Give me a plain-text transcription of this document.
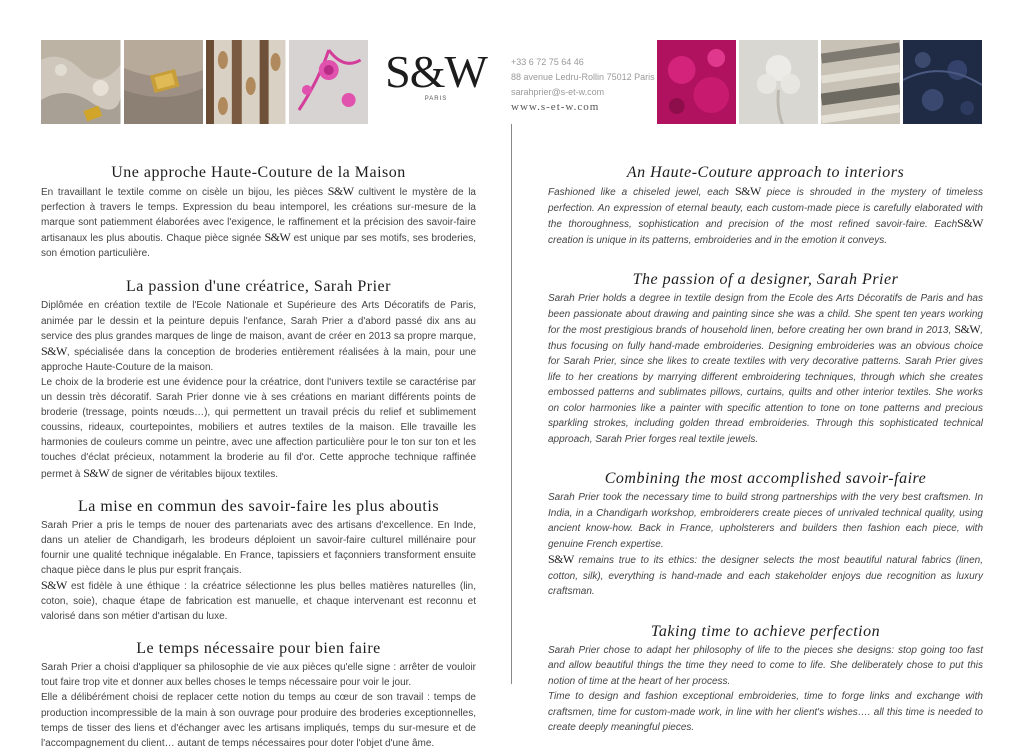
S&W
PARIS
+33 6 72 75 64 46
88 avenue Ledru-Rollin 75012 Paris
sarahprier@s-et-w.com
www.s-et-w.com
Une approche Haute-Couture de la Maison

En travaillant le textile comme on cisèle un bijou, les pièces S&W cultivent le mystère de la perfection à travers le temps. Expression du beau intemporel, les créations sur-mesure de la marque sont patiemment élaborées avec l'exigence, le raffinement et la précision des savoir-faire artisanaux les plus aboutis. Chaque pièce signée S&W est unique par ses motifs, ses broderies, son émotion particulière.

La passion d'une créatrice, Sarah Prier

Diplômée en création textile de l'Ecole Nationale et Supérieure des Arts Décoratifs de Paris, animée par le dessin et la peinture depuis l'enfance, Sarah Prier a d'abord passé dix ans au service des plus grandes marques de linge de maison, avant de créer en 2013 sa propre marque, S&W, spécialisée dans la conception de broderies entièrement réalisées à la main, pour une approche Haute-Couture de la maison.

Le choix de la broderie est une évidence pour la créatrice, dont l'univers textile se caractérise par un dessin très décoratif. Sarah Prier donne vie à ses créations en mariant différents points de broderie (tressage, points nœuds…), qui permettent un travail précis du relief et sublimement coussins, rideaux, courtepointes, mobiliers et autres textiles de la maison. Elle travaille les harmonies de couleurs comme un peintre, avec une affection particulière pour le ton sur ton et les touches d'éclat précieux, notamment la broderie au fil d'or. Cette approche technique raffinée permet à S&W de signer de véritables bijoux textiles.

La mise en commun des savoir-faire les plus aboutis

Sarah Prier a pris le temps de nouer des partenariats avec des artisans d'excellence. En Inde, dans un atelier de Chandigarh, les brodeurs déploient un savoir-faire culturel millénaire pour fournir une qualité technique inégalable. En France, tapissiers et façonniers transforment ensuite chaque pièce dans le plus pur esprit français.

S&W est fidèle à une éthique : la créatrice sélectionne les plus belles matières naturelles (lin, coton, soie), chaque étape de fabrication est manuelle, et chaque intervenant est reconnu et valorisé dans son métier d'artisan du luxe.

Le temps nécessaire pour bien faire

Sarah Prier a choisi d'appliquer sa philosophie de vie aux pièces qu'elle signe : arrêter de vouloir tout faire trop vite et donner aux belles choses le temps nécessaire pour voir le jour.

Elle a délibérément choisi de replacer cette notion du temps au cœur de son travail : temps de production incompressible de la main à son ouvrage pour produire des broderies exceptionnelles, temps de tisser des liens et d'échanger avec les artisans impliqués, temps du sur-mesure et de l'accompagnement du client… autant de temps nécessaires pour doter l'objet d'une âme.

An Haute-Couture approach to interiors

Fashioned like a chiseled jewel, each S&W piece is shrouded in the mystery of timeless perfection. An expression of eternal beauty, each custom-made piece is carefully elaborated with the thoroughness, sophistication and precision of the most refined savoir-faire. EachS&W creation is unique in its patterns, embroideries and in the emotion it conveys.

The passion of a designer, Sarah Prier

Sarah Prier holds a degree in textile design from the Ecole des Arts Décoratifs de Paris and has been passionate about drawing and painting since she was a child. She spent ten years working for the most prestigious brands of household linen, before creating her own brand in 2013, S&W, thus focusing on fully hand-made embroideries. Designing embroideries was an obvious choice for Sarah Prier, since she likes to create textiles with very decorative patterns. Sarah Prier gives life to her creations by marrying different embroidering techniques, through which she creates embossed patterns and sublimates pillows, curtains, quilts and other interior textiles. She works on color harmonies like a painter with specific attention to tone on tone patterns and precious sparkling strokes, including golden thread embroideries. Through this sophisticated technical approach, Sarah Prier forges real textile jewels.

Combining the most accomplished savoir-faire

Sarah Prier took the necessary time to build strong partnerships with the very best craftsmen. In India, in a Chandigarh workshop, embroiderers create pieces of unrivaled technical quality, using ancient know-how. Back in France, upholsterers and builders then fashion each piece, with genuine French expertise.

S&W remains true to its ethics: the designer selects the most beautiful natural fabrics (linen, cotton, silk), everything is hand-made and each stakeholder enjoys due recognition as luxury craftsman.

Taking time to achieve perfection

Sarah Prier chose to adapt her philosophy of life to the pieces she designs: stop going too fast and allow beautiful things the time they need to come to life. She deliberately chose to put this notion of time at the heart of her process.

Time to design and fashion exceptional embroideries, time to forge links and exchange with craftsmen, time for custom-made work, in line with her client's wishes…. all this time is needed to create deeply meaningful pieces.
